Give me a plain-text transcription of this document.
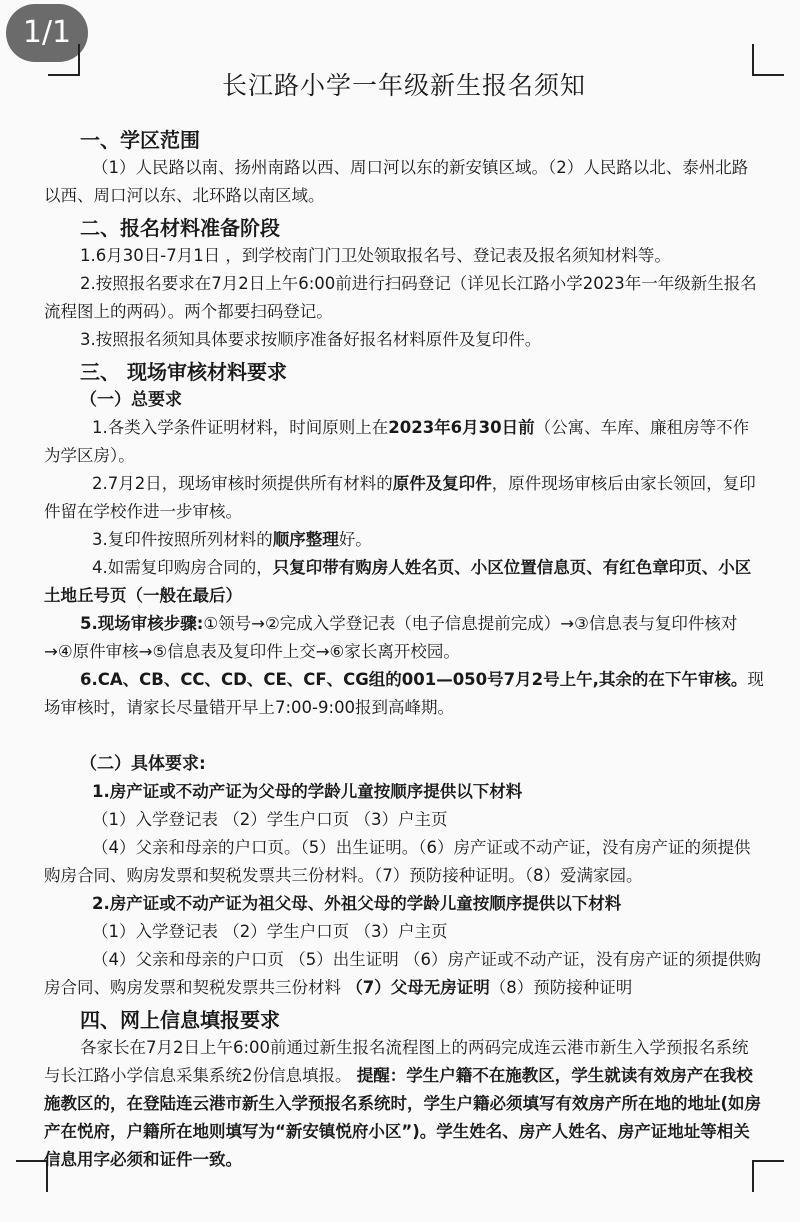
1/1
长江路小学一年级新生报名须知
一、学区范围

（1）人民路以南、扬州南路以西、周口河以东的新安镇区域。（2）人民路以北、泰州北路以西、周口河以东、北环路以南区域。

二、报名材料准备阶段

1.6月30日-7月1日 ，到学校南门门卫处领取报名号、登记表及报名须知材料等。

2.按照报名要求在7月2日上午6:00前进行扫码登记（详见长江路小学2023年一年级新生报名流程图上的两码）。两个都要扫码登记。

3.按照报名须知具体要求按顺序准备好报名材料原件及复印件。

三、 现场审核材料要求
（一）总要求

1.各类入学条件证明材料，时间原则上在2023年6月30日前（公寓、车库、廉租房等不作为学区房）。

2.7月2日，现场审核时须提供所有材料的原件及复印件，原件现场审核后由家长领回，复印件留在学校作进一步审核。

3.复印件按照所列材料的顺序整理好。

4.如需复印购房合同的，只复印带有购房人姓名页、小区位置信息页、有红色章印页、小区土地丘号页（一般在最后）

5.现场审核步骤:①领号→②完成入学登记表（电子信息提前完成）→③信息表与复印件核对→④原件审核→⑤信息表及复印件上交→⑥家长离开校园。

6.CA、CB、CC、CD、CE、CF、CG组的001—050号7月2号上午,其余的在下午审核。现场审核时，请家长尽量错开早上7:00-9:00报到高峰期。

（二）具体要求:

1.房产证或不动产证为父母的学龄儿童按顺序提供以下材料

（1）入学登记表 （2）学生户口页 （3）户主页

（4）父亲和母亲的户口页。（5）出生证明。（6）房产证或不动产证，没有房产证的须提供购房合同、购房发票和契税发票共三份材料。（7）预防接种证明。（8）爱满家园。

2.房产证或不动产证为祖父母、外祖父母的学龄儿童按顺序提供以下材料

（1）入学登记表 （2）学生户口页 （3）户主页

（4）父亲和母亲的户口页 （5）出生证明 （6）房产证或不动产证，没有房产证的须提供购房合同、购房发票和契税发票共三份材料 （7）父母无房证明（8）预防接种证明

四、网上信息填报要求

各家长在7月2日上午6:00前通过新生报名流程图上的两码完成连云港市新生入学预报名系统与长江路小学信息采集系统2份信息填报。 提醒：学生户籍不在施教区，学生就读有效房产在我校施教区的，在登陆连云港市新生入学预报名系统时，学生户籍必须填写有效房产所在地的地址(如房产在悦府，户籍所在地则填写为“新安镇悦府小区”)。学生姓名、房产人姓名、房产证地址等相关信息用字必须和证件一致。
